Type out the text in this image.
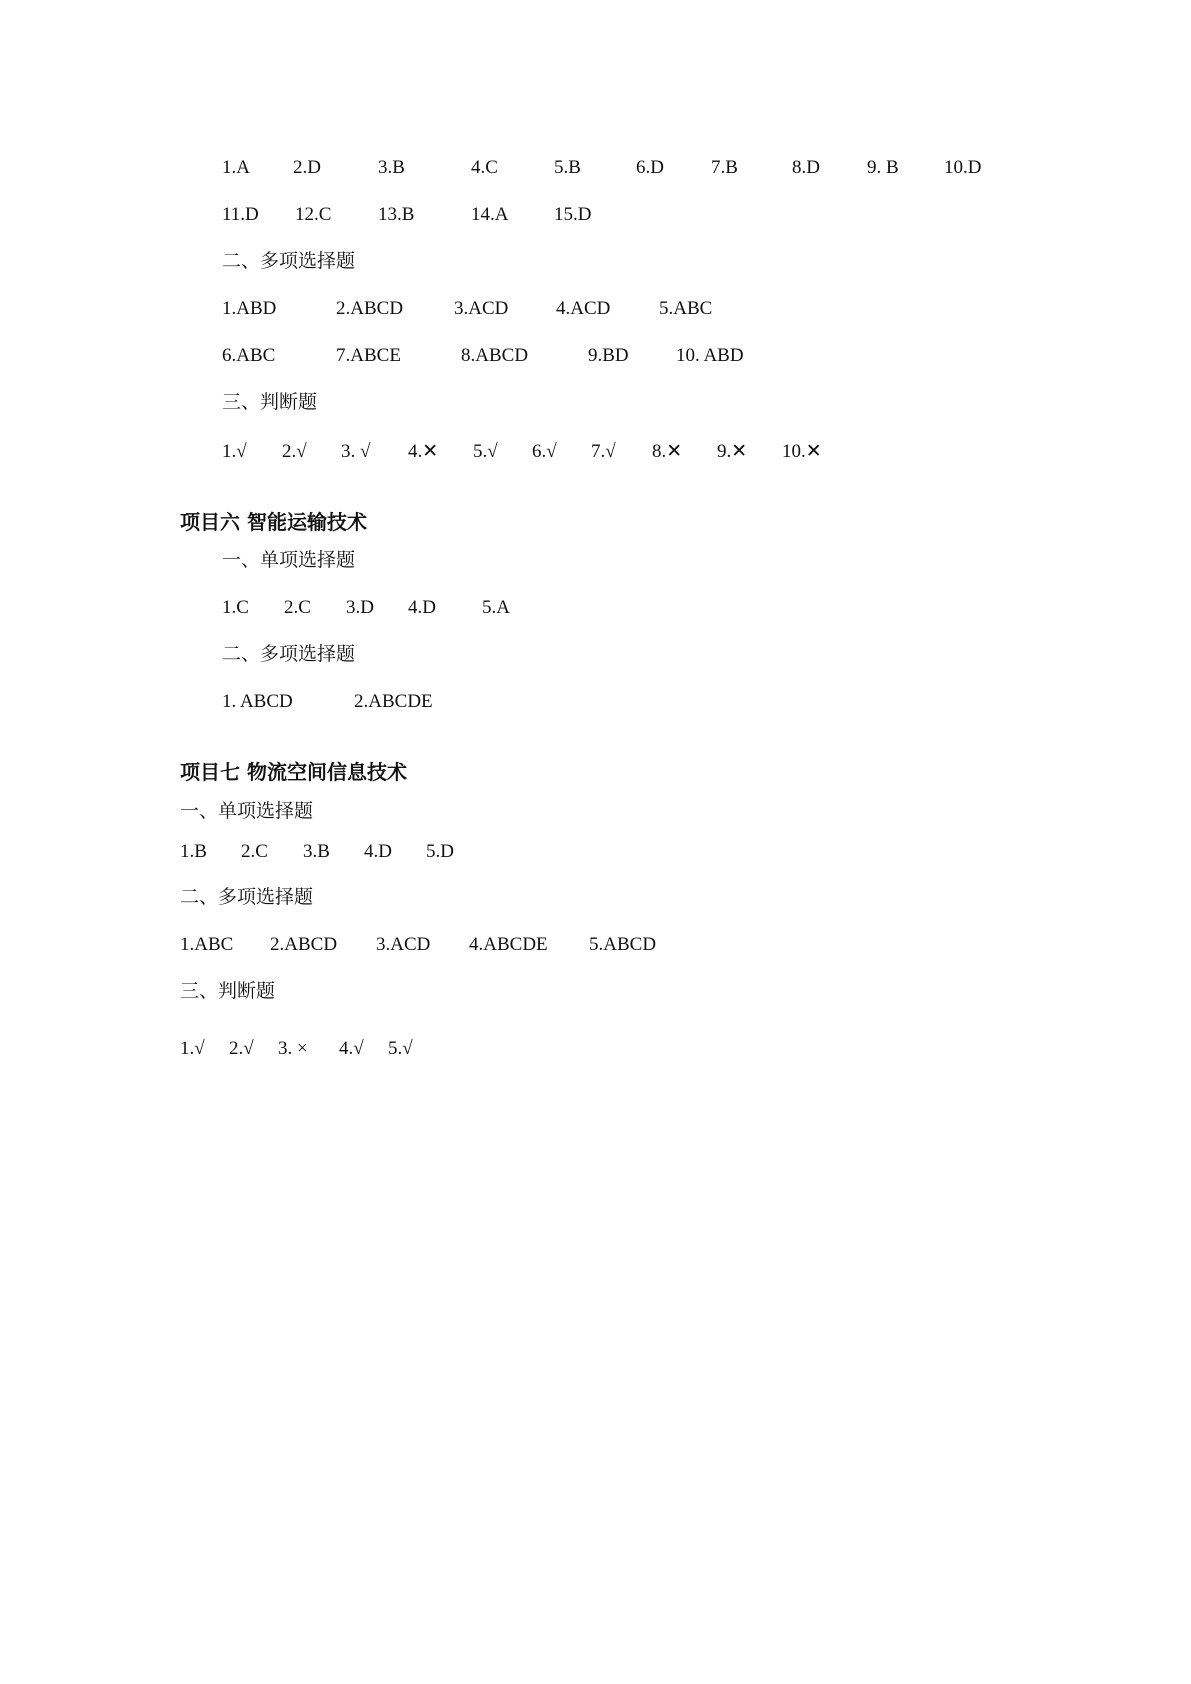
1.A 2.D	3.B	4.C	5.B	6.D 7.B	8.D 9. B 10.D
11.D 12.C 13.B	14.A 15.D
二、多项选择题
1.ABD	2.ABCD	3.ACD	4.ACD	5.ABC
6.ABC	7.ABCE	8.ABCD	9.BD 10. ABD
三、判断题
1.√ 2.√ 3. √ 4.✕ 5.√ 6.√ 7.√ 8.✕ 9.✕ 10.✕
项目六 智能运输技术
一、单项选择题
1.C 2.C 3.D 4.D 5.A
二、多项选择题
1. ABCD	2.ABCDE
项目七 物流空间信息技术
一、单项选择题
1.B 2.C 3.B 4.D 5.D
二、多项选择题
1.ABC 2.ABCD 3.ACD 4.ABCDE 5.ABCD
三、判断题
1.√ 2.√ 3. × 4.√ 5.√
